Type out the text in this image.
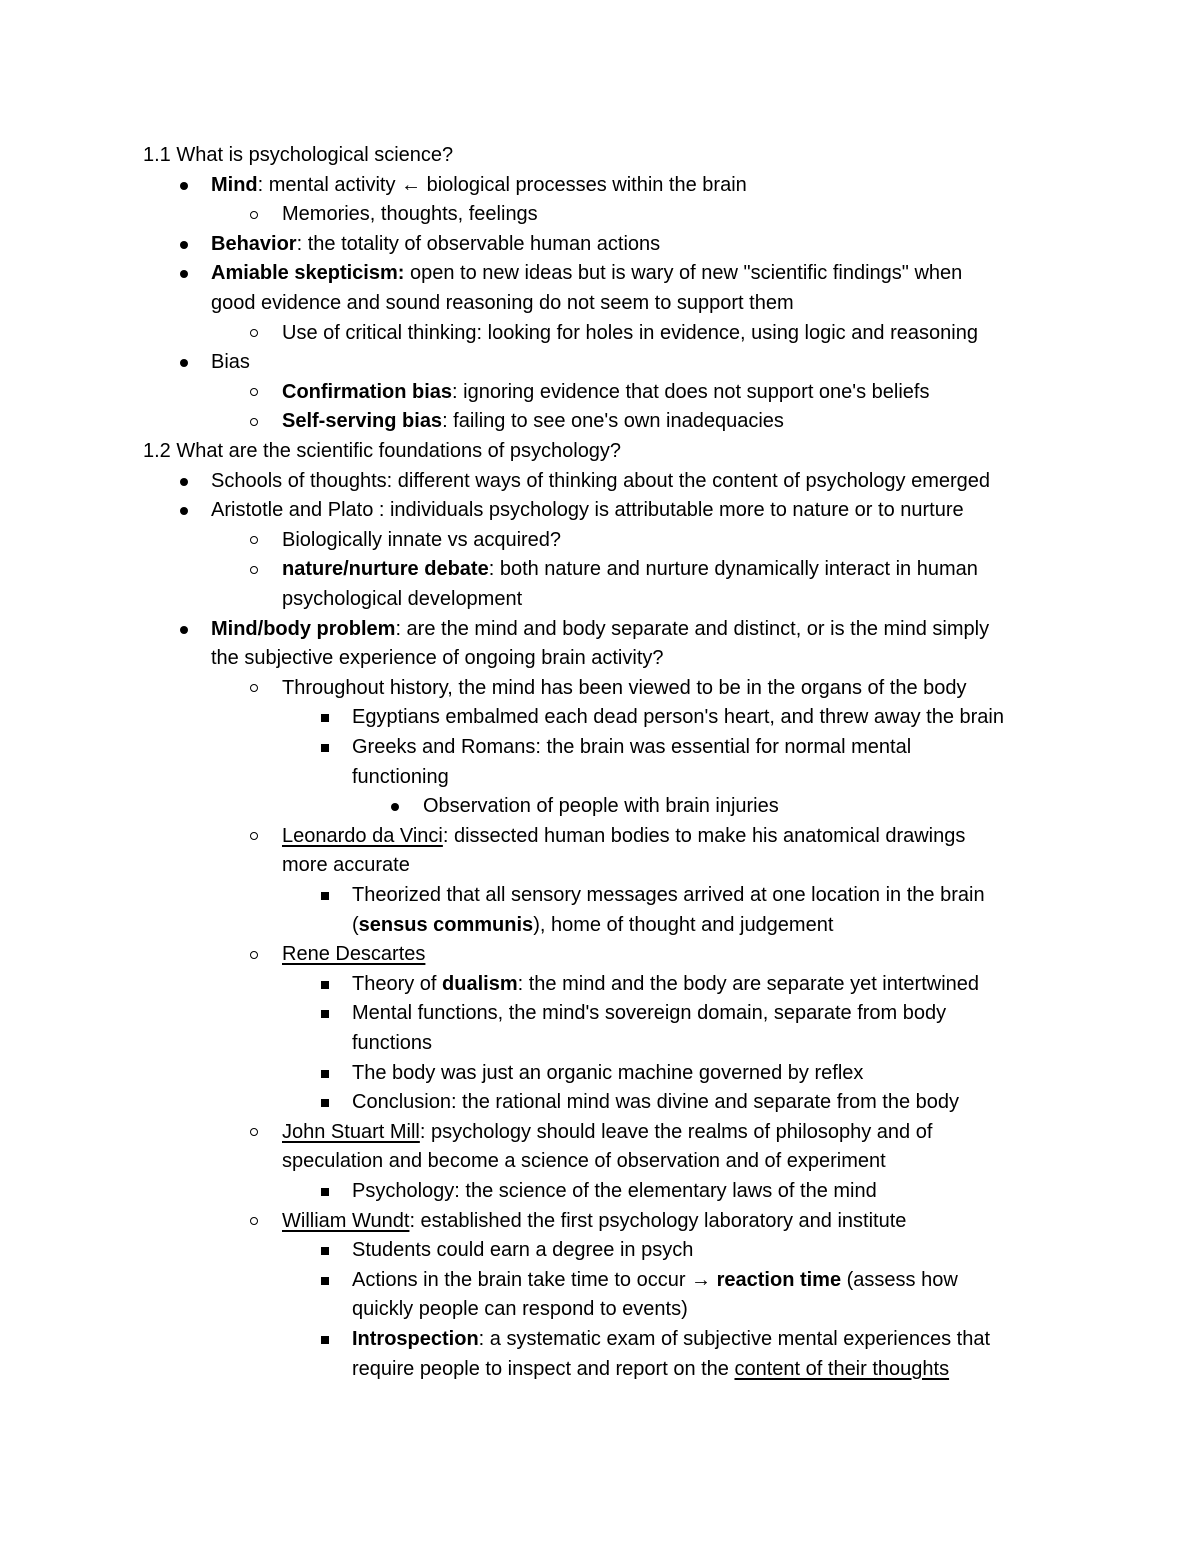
1.1 What is psychological science?
Mind: mental activity ← biological processes within the brain
Memories, thoughts, feelings
Behavior: the totality of observable human actions
Amiable skepticism: open to new ideas but is wary of new "scientific findings" when
good evidence and sound reasoning do not seem to support them
Use of critical thinking: looking for holes in evidence, using logic and reasoning
Bias
Confirmation bias: ignoring evidence that does not support one's beliefs
Self-serving bias: failing to see one's own inadequacies
1.2 What are the scientific foundations of psychology?
Schools of thoughts: different ways of thinking about the content of psychology emerged
Aristotle and Plato : individuals psychology is attributable more to nature or to nurture
Biologically innate vs acquired?
nature/nurture debate: both nature and nurture dynamically interact in human
psychological development
Mind/body problem: are the mind and body separate and distinct, or is the mind simply
the subjective experience of ongoing brain activity?
Throughout history, the mind has been viewed to be in the organs of the body
Egyptians embalmed each dead person's heart, and threw away the brain
Greeks and Romans: the brain was essential for normal mental
functioning
Observation of people with brain injuries
Leonardo da Vinci: dissected human bodies to make his anatomical drawings
more accurate
Theorized that all sensory messages arrived at one location in the brain
(sensus communis), home of thought and judgement
Rene Descartes
Theory of dualism: the mind and the body are separate yet intertwined
Mental functions, the mind's sovereign domain, separate from body
functions
The body was just an organic machine governed by reflex
Conclusion: the rational mind was divine and separate from the body
John Stuart Mill: psychology should leave the realms of philosophy and of
speculation and become a science of observation and of experiment
Psychology: the science of the elementary laws of the mind
William Wundt: established the first psychology laboratory and institute
Students could earn a degree in psych
Actions in the brain take time to occur → reaction time (assess how
quickly people can respond to events)
Introspection: a systematic exam of subjective mental experiences that
require people to inspect and report on the content of their thoughts
